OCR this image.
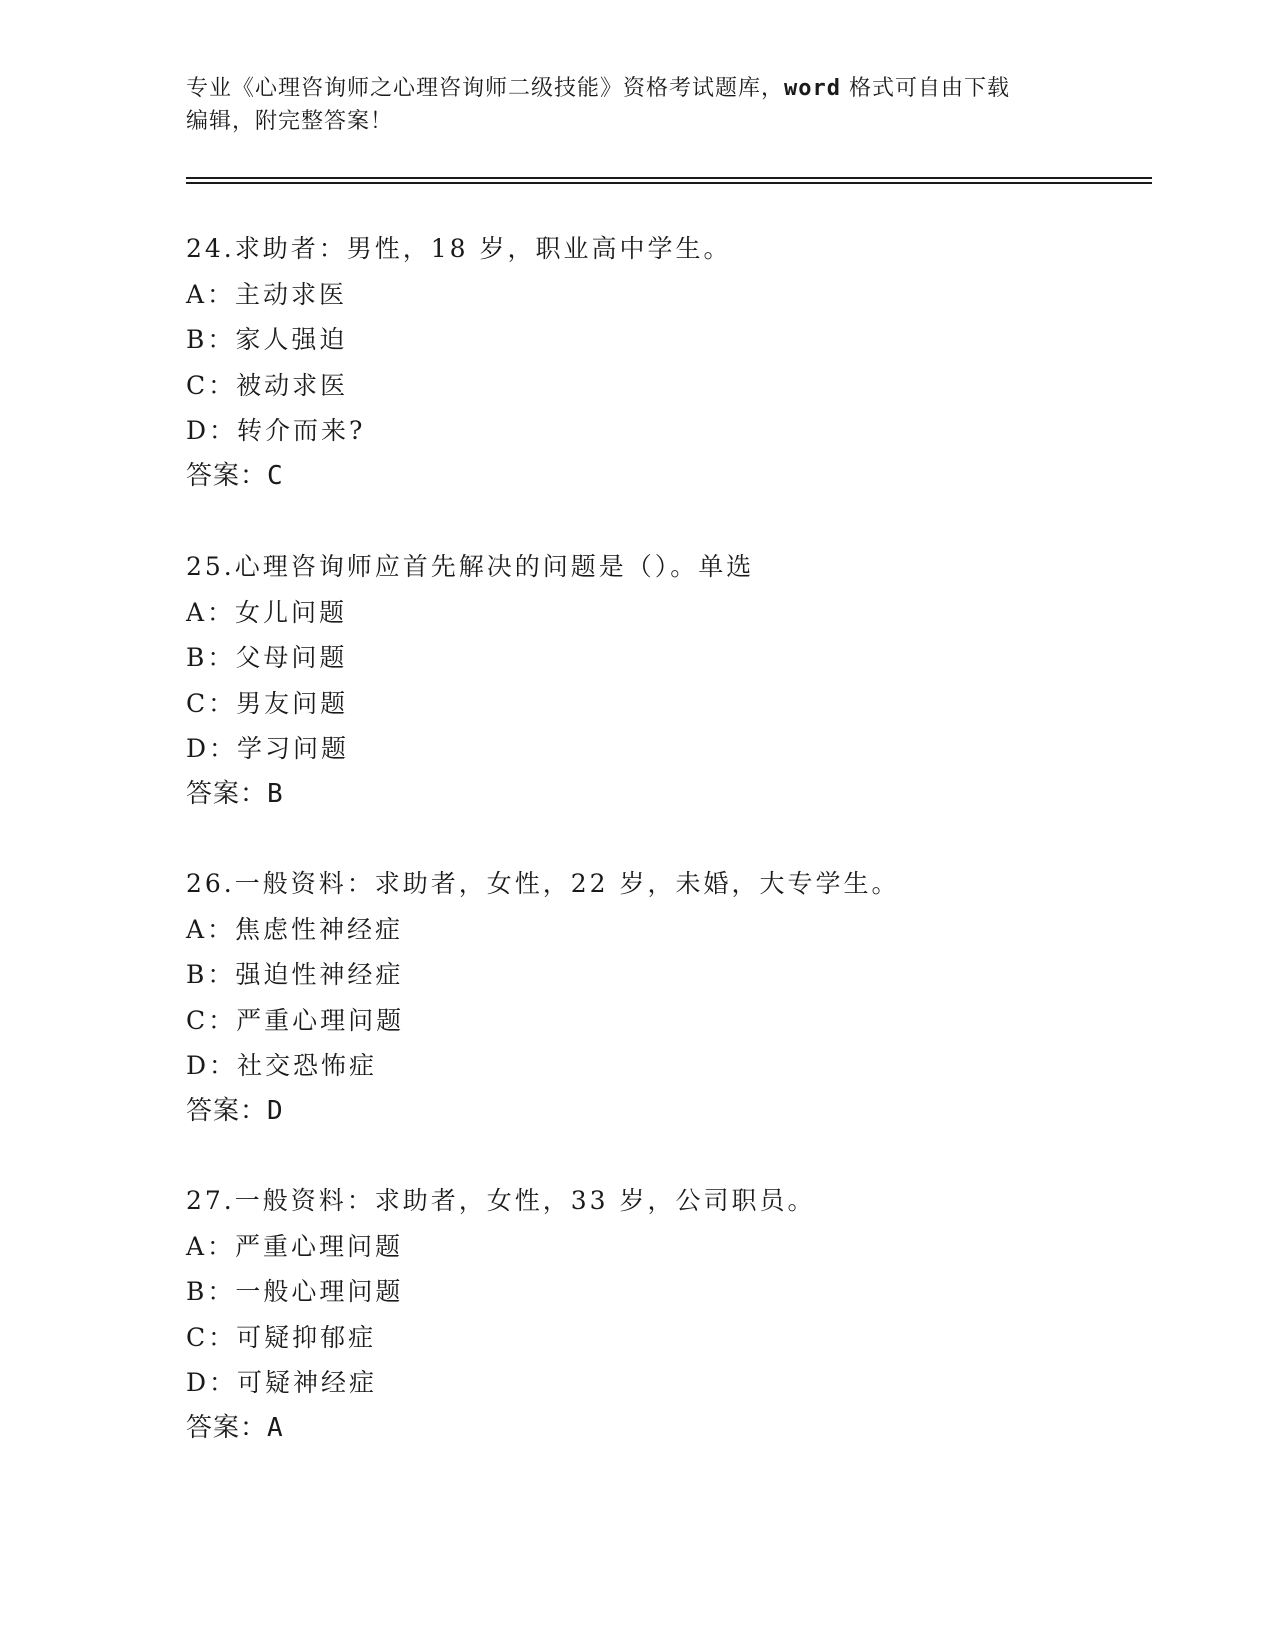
专业《心理咨询师之心理咨询师二级技能》资格考试题库，word 格式可自由下载
编辑，附完整答案！
24.求助者：男性，18 岁，职业高中学生。
A：主动求医
B：家人强迫
C：被动求医
D：转介而来?
答案：C
25.心理咨询师应首先解决的问题是（）。单选
A：女儿问题
B：父母问题
C：男友问题
D：学习问题
答案：B
26.一般资料：求助者，女性，22 岁，未婚，大专学生。
A：焦虑性神经症
B：强迫性神经症
C：严重心理问题
D：社交恐怖症
答案：D
27.一般资料：求助者，女性，33 岁，公司职员。
A：严重心理问题
B：一般心理问题
C：可疑抑郁症
D：可疑神经症
答案：A
